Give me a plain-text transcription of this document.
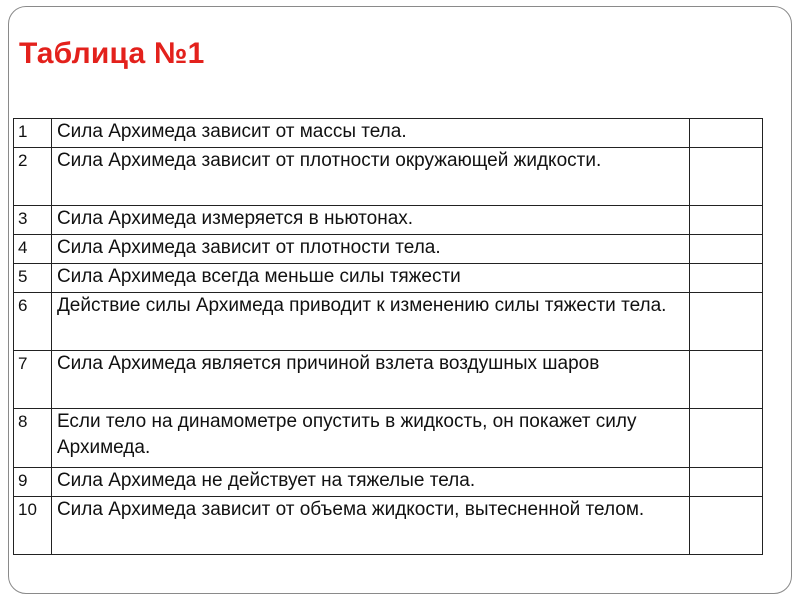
Таблица №1
1	Сила Архимеда зависит от массы тела.	
2	Сила Архимеда зависит от плотности окружающей жидкости.	
3	Сила Архимеда измеряется в ньютонах.	
4	Сила Архимеда зависит от плотности тела.	
5	Сила Архимеда всегда меньше силы тяжести	
6	Действие силы Архимеда приводит к изменению силы тяжести тела.	
7	Сила Архимеда является причиной взлета воздушных шаров	
8	Если тело на динамометре опустить в жидкость, он покажет силу Архимеда.	
9	Сила Архимеда не действует на тяжелые тела.	
10	Сила Архимеда зависит от объема жидкости, вытесненной телом.	
